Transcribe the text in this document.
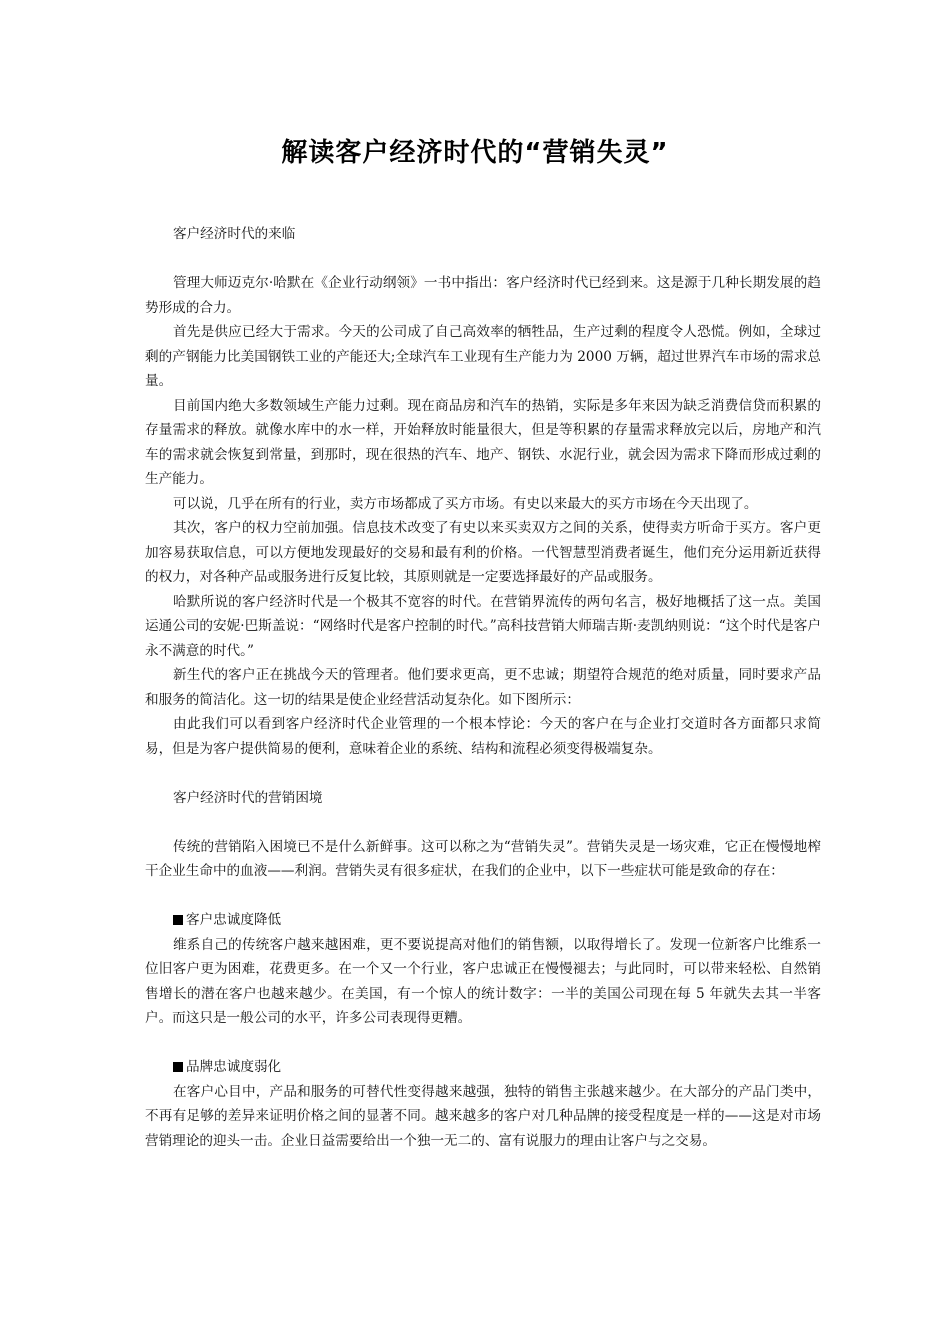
解读客户经济时代的“营销失灵”

客户经济时代的来临

管理大师迈克尔·哈默在《企业行动纲领》一书中指出：客户经济时代已经到来。这是源于几种长期发展的趋势形成的合力。

首先是供应已经大于需求。今天的公司成了自己高效率的牺牲品，生产过剩的程度令人恐慌。例如，全球过剩的产钢能力比美国钢铁工业的产能还大;全球汽车工业现有生产能力为 2000 万辆，超过世界汽车市场的需求总量。

目前国内绝大多数领域生产能力过剩。现在商品房和汽车的热销，实际是多年来因为缺乏消费信贷而积累的存量需求的释放。就像水库中的水一样，开始释放时能量很大，但是等积累的存量需求释放完以后，房地产和汽车的需求就会恢复到常量，到那时，现在很热的汽车、地产、钢铁、水泥行业，就会因为需求下降而形成过剩的生产能力。

可以说，几乎在所有的行业，卖方市场都成了买方市场。有史以来最大的买方市场在今天出现了。

其次，客户的权力空前加强。信息技术改变了有史以来买卖双方之间的关系，使得卖方听命于买方。客户更加容易获取信息，可以方便地发现最好的交易和最有利的价格。一代智慧型消费者诞生，他们充分运用新近获得的权力，对各种产品或服务进行反复比较，其原则就是一定要选择最好的产品或服务。

哈默所说的客户经济时代是一个极其不宽容的时代。在营销界流传的两句名言，极好地概括了这一点。美国运通公司的安妮·巴斯盖说：“网络时代是客户控制的时代。”高科技营销大师瑞吉斯·麦凯纳则说：“这个时代是客户永不满意的时代。”

新生代的客户正在挑战今天的管理者。他们要求更高，更不忠诚；期望符合规范的绝对质量，同时要求产品和服务的简洁化。这一切的结果是使企业经营活动复杂化。如下图所示：

由此我们可以看到客户经济时代企业管理的一个根本悖论：今天的客户在与企业打交道时各方面都只求简易，但是为客户提供简易的便利，意味着企业的系统、结构和流程必须变得极端复杂。

客户经济时代的营销困境

传统的营销陷入困境已不是什么新鲜事。这可以称之为“营销失灵”。营销失灵是一场灾难，它正在慢慢地榨干企业生命中的血液——利润。营销失灵有很多症状，在我们的企业中，以下一些症状可能是致命的存在：

客户忠诚度降低

维系自己的传统客户越来越困难，更不要说提高对他们的销售额，以取得增长了。发现一位新客户比维系一位旧客户更为困难，花费更多。在一个又一个行业，客户忠诚正在慢慢褪去；与此同时，可以带来轻松、自然销售增长的潜在客户也越来越少。在美国，有一个惊人的统计数字：一半的美国公司现在每 5 年就失去其一半客户。而这只是一般公司的水平，许多公司表现得更糟。

品牌忠诚度弱化

在客户心目中，产品和服务的可替代性变得越来越强，独特的销售主张越来越少。在大部分的产品门类中，不再有足够的差异来证明价格之间的显著不同。越来越多的客户对几种品牌的接受程度是一样的——这是对市场营销理论的迎头一击。企业日益需要给出一个独一无二的、富有说服力的理由让客户与之交易。
